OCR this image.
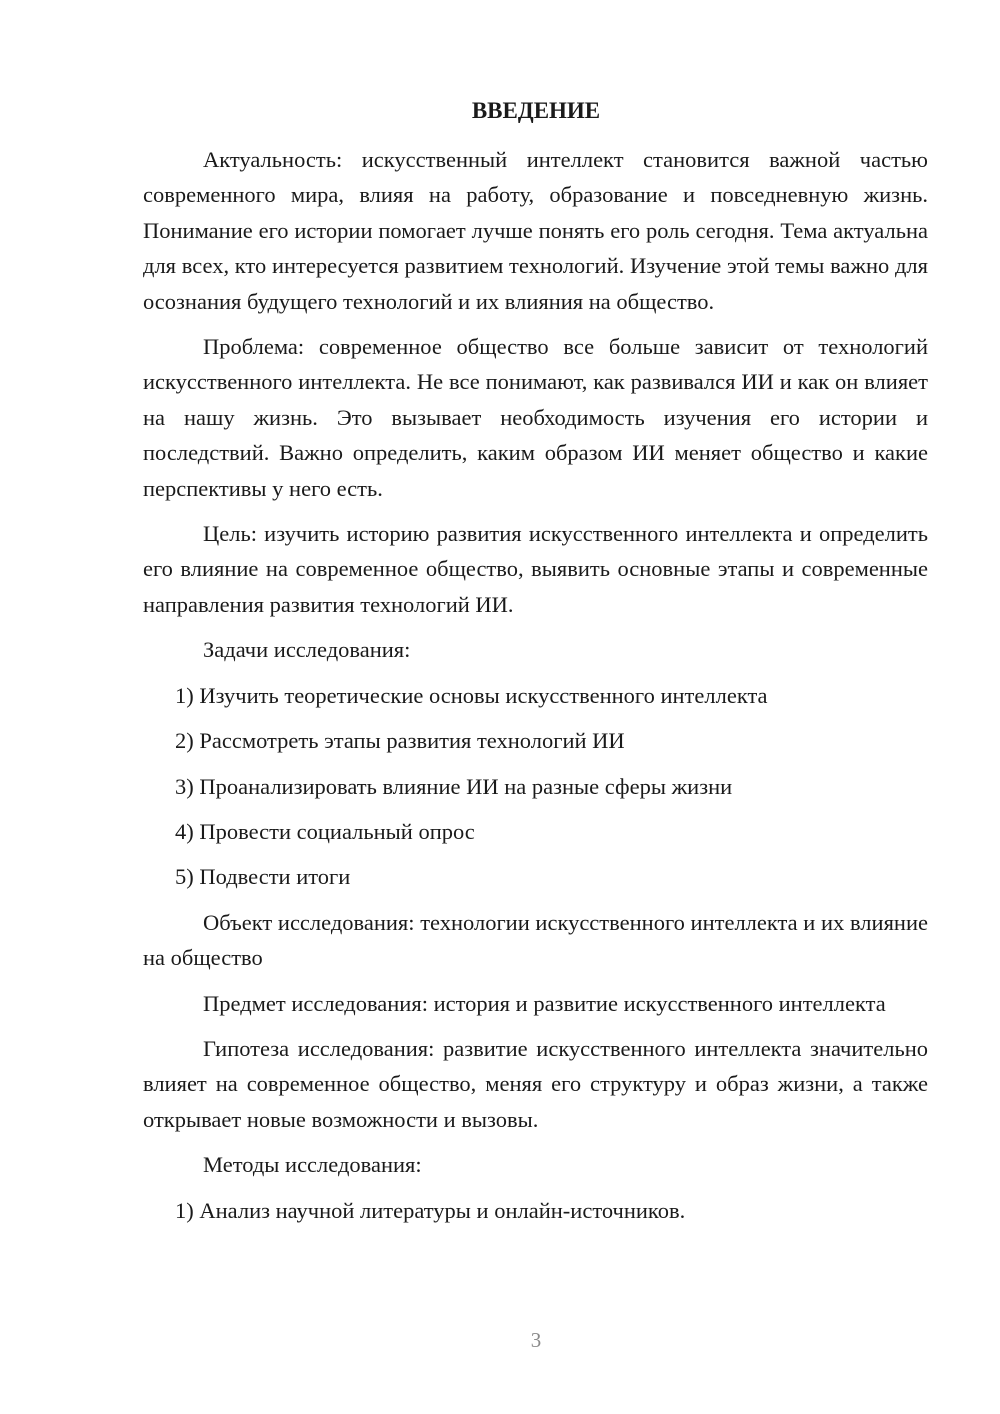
ВВЕДЕНИЕ

Актуальность: искусственный интеллект становится важной частью современного мира, влияя на работу, образование и повседневную жизнь. Понимание его истории помогает лучше понять его роль сегодня. Тема актуальна для всех, кто интересуется развитием технологий. Изучение этой темы важно для осознания будущего технологий и их влияния на общество.

Проблема: современное общество все больше зависит от технологий искусственного интеллекта. Не все понимают, как развивался ИИ и как он влияет на нашу жизнь. Это вызывает необходимость изучения его истории и последствий. Важно определить, каким образом ИИ меняет общество и какие перспективы у него есть.

Цель: изучить историю развития искусственного интеллекта и определить его влияние на современное общество, выявить основные этапы и современные направления развития технологий ИИ.

Задачи исследования:

1) Изучить теоретические основы искусственного интеллекта

2) Рассмотреть этапы развития технологий ИИ

3) Проанализировать влияние ИИ на разные сферы жизни

4) Провести социальный опрос

5) Подвести итоги

Объект исследования: технологии искусственного интеллекта и их влияние на общество

Предмет исследования: история и развитие искусственного интеллекта

Гипотеза исследования: развитие искусственного интеллекта значительно влияет на современное общество, меняя его структуру и образ жизни, а также открывает новые возможности и вызовы.

Методы исследования:

1) Анализ научной литературы и онлайн-источников.

3
